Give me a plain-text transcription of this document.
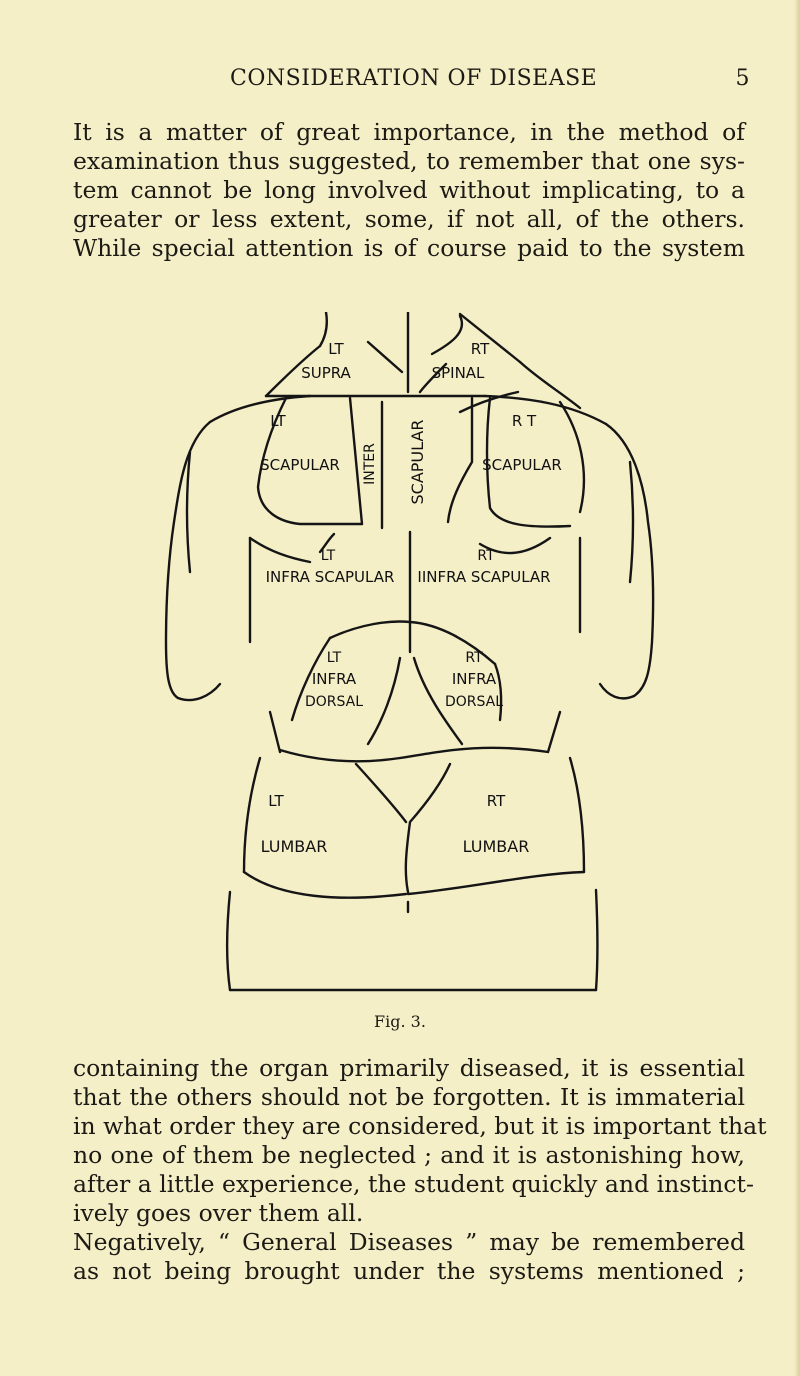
CONSIDERATION OF DISEASE	5
It is a matter of great importance, in the method of
examination thus suggested, to remember that one sys-
tem cannot be long involved without implicating, to a
greater or less extent, some, if not all, of the others.
While special attention is of course paid to the system
LT
SUPRA
RT
SPINAL
LT
SCAPULAR INTER SCAPULAR	R T
SCAPULAR
LT
INFRA SCAPULAR
RT
IINFRA SCAPULAR
LT
INFRA
DORSAL
RT
INFRA
DORSAL
LT
LUMBAR
RT
LUMBAR
Fig. 3.
containing the organ primarily diseased, it is essential
that the others should not be forgotten. It is immaterial
in what order they are considered, but it is important that
no one of them be neglected ; and it is astonishing how,
after a little experience, the student quickly and instinct-
ively goes over them all.
Negatively, “ General Diseases ” may be remembered
as not being brought under the systems mentioned ;
